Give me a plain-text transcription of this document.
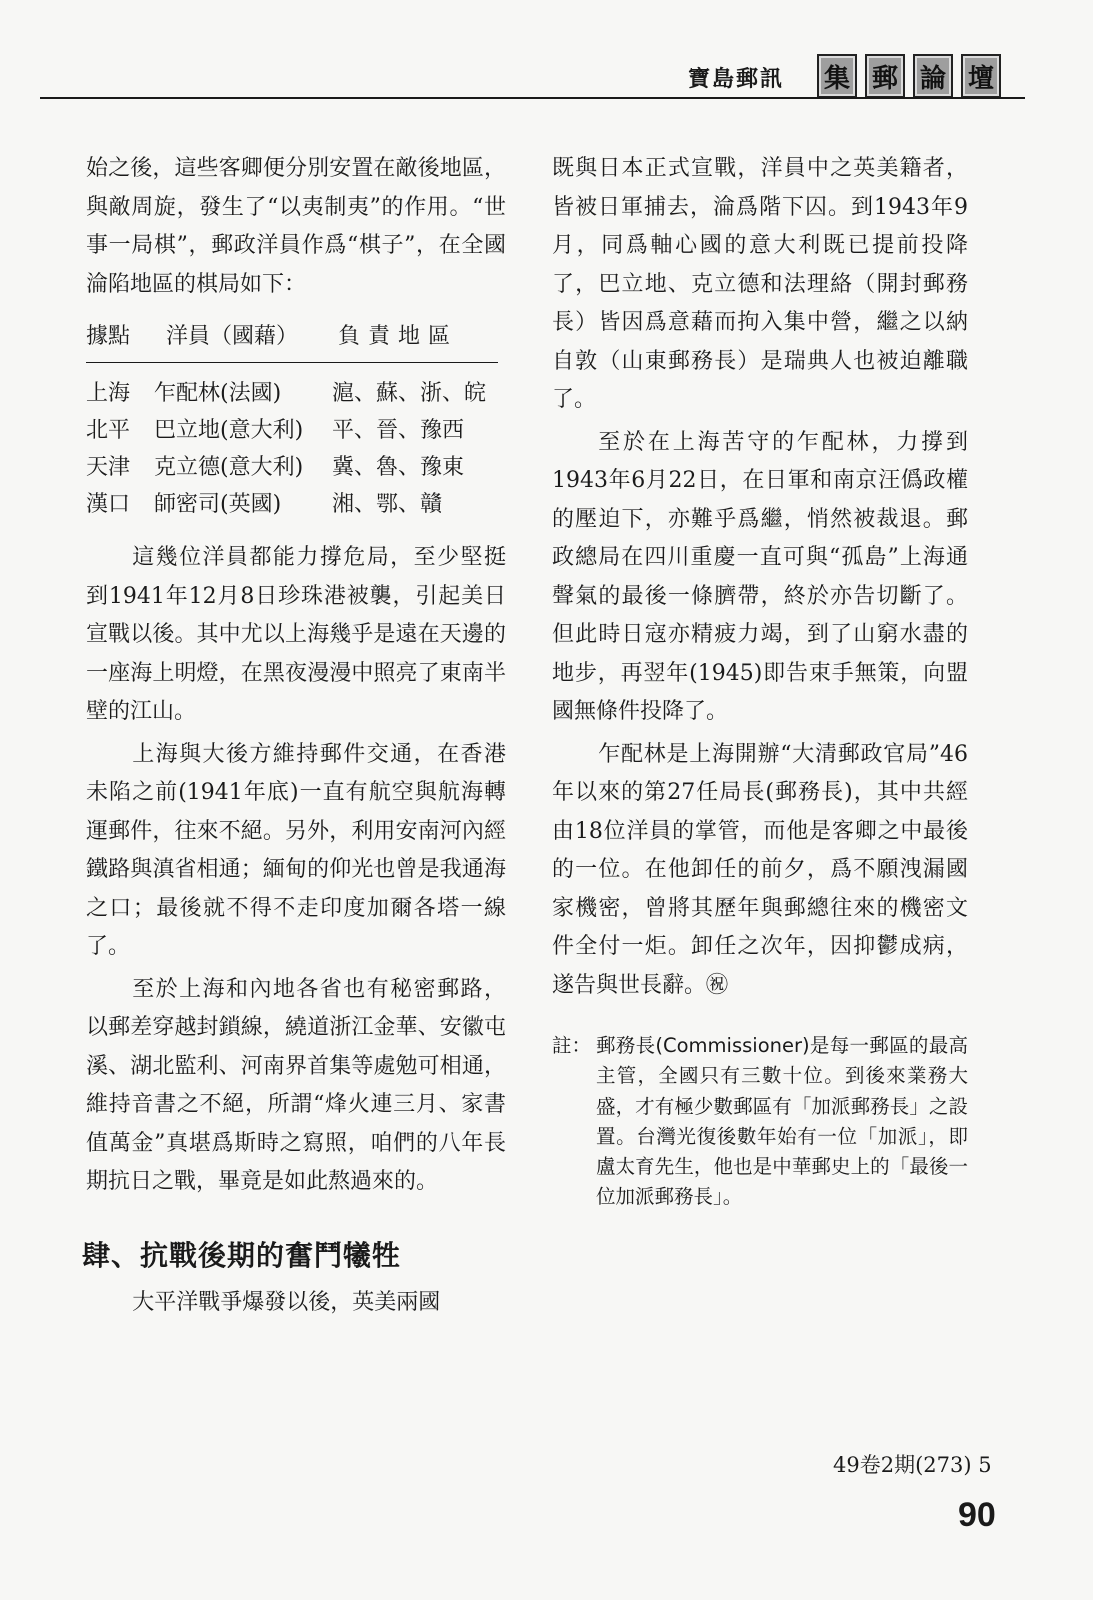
寶島郵訊 集 郵 論 壇

始之後，這些客卿便分別安置在敵後地區，與敵周旋，發生了“以夷制夷”的作用。“世事一局棋”，郵政洋員作爲“棋子”，在全國淪陷地區的棋局如下：

據點	洋員（國藉）	負責地區
上海	乍配林(法國)	滬、蘇、浙、皖
北平	巴立地(意大利)	平、晉、豫西
天津	克立德(意大利)	冀、魯、豫東
漢口	師密司(英國)	湘、鄂、贛

這幾位洋員都能力撐危局，至少堅挺到1941年12月8日珍珠港被襲，引起美日宣戰以後。其中尤以上海幾乎是遠在天邊的一座海上明燈，在黑夜漫漫中照亮了東南半壁的江山。

上海與大後方維持郵件交通，在香港未陷之前(1941年底)一直有航空與航海轉運郵件，往來不絕。另外，利用安南河內經鐵路與滇省相通；緬甸的仰光也曾是我通海之口；最後就不得不走印度加爾各塔一線了。

至於上海和內地各省也有秘密郵路，以郵差穿越封鎖線，繞道浙江金華、安徽屯溪、湖北監利、河南界首集等處勉可相通，維持音書之不絕，所謂“烽火連三月、家書值萬金”真堪爲斯時之寫照，咱們的八年長期抗日之戰，畢竟是如此熬過來的。

肆、抗戰後期的奮鬥犧牲

大平洋戰爭爆發以後，英美兩國

既與日本正式宣戰，洋員中之英美籍者，皆被日軍捕去，淪爲階下囚。到1943年9月，同爲軸心國的意大利既已提前投降了，巴立地、克立德和法理絡（開封郵務長）皆因爲意藉而拘入集中營，繼之以納自敦（山東郵務長）是瑞典人也被迫離職了。

至於在上海苦守的乍配林，力撐到1943年6月22日，在日軍和南京汪僞政權的壓迫下，亦難乎爲繼，悄然被裁退。郵政總局在四川重慶一直可與“孤島”上海通聲氣的最後一條臍帶，終於亦告切斷了。但此時日寇亦精疲力竭，到了山窮水盡的地步，再翌年(1945)即告束手無策，向盟國無條件投降了。

乍配林是上海開辦“大清郵政官局”46年以來的第27任局長(郵務長)，其中共經由18位洋員的掌管，而他是客卿之中最後的一位。在他卸任的前夕，爲不願洩漏國家機密，曾將其歷年與郵總往來的機密文件全付一炬。卸任之次年，因抑鬱成病，遂告與世長辭。㊗

註： 郵務長(Commissioner)是每一郵區的最高主管，全國只有三數十位。到後來業務大盛，才有極少數郵區有「加派郵務長」之設置。台灣光復後數年始有一位「加派」，即盧太育先生，他也是中華郵史上的「最後一位加派郵務長」。
49卷2期(273) 5
90
